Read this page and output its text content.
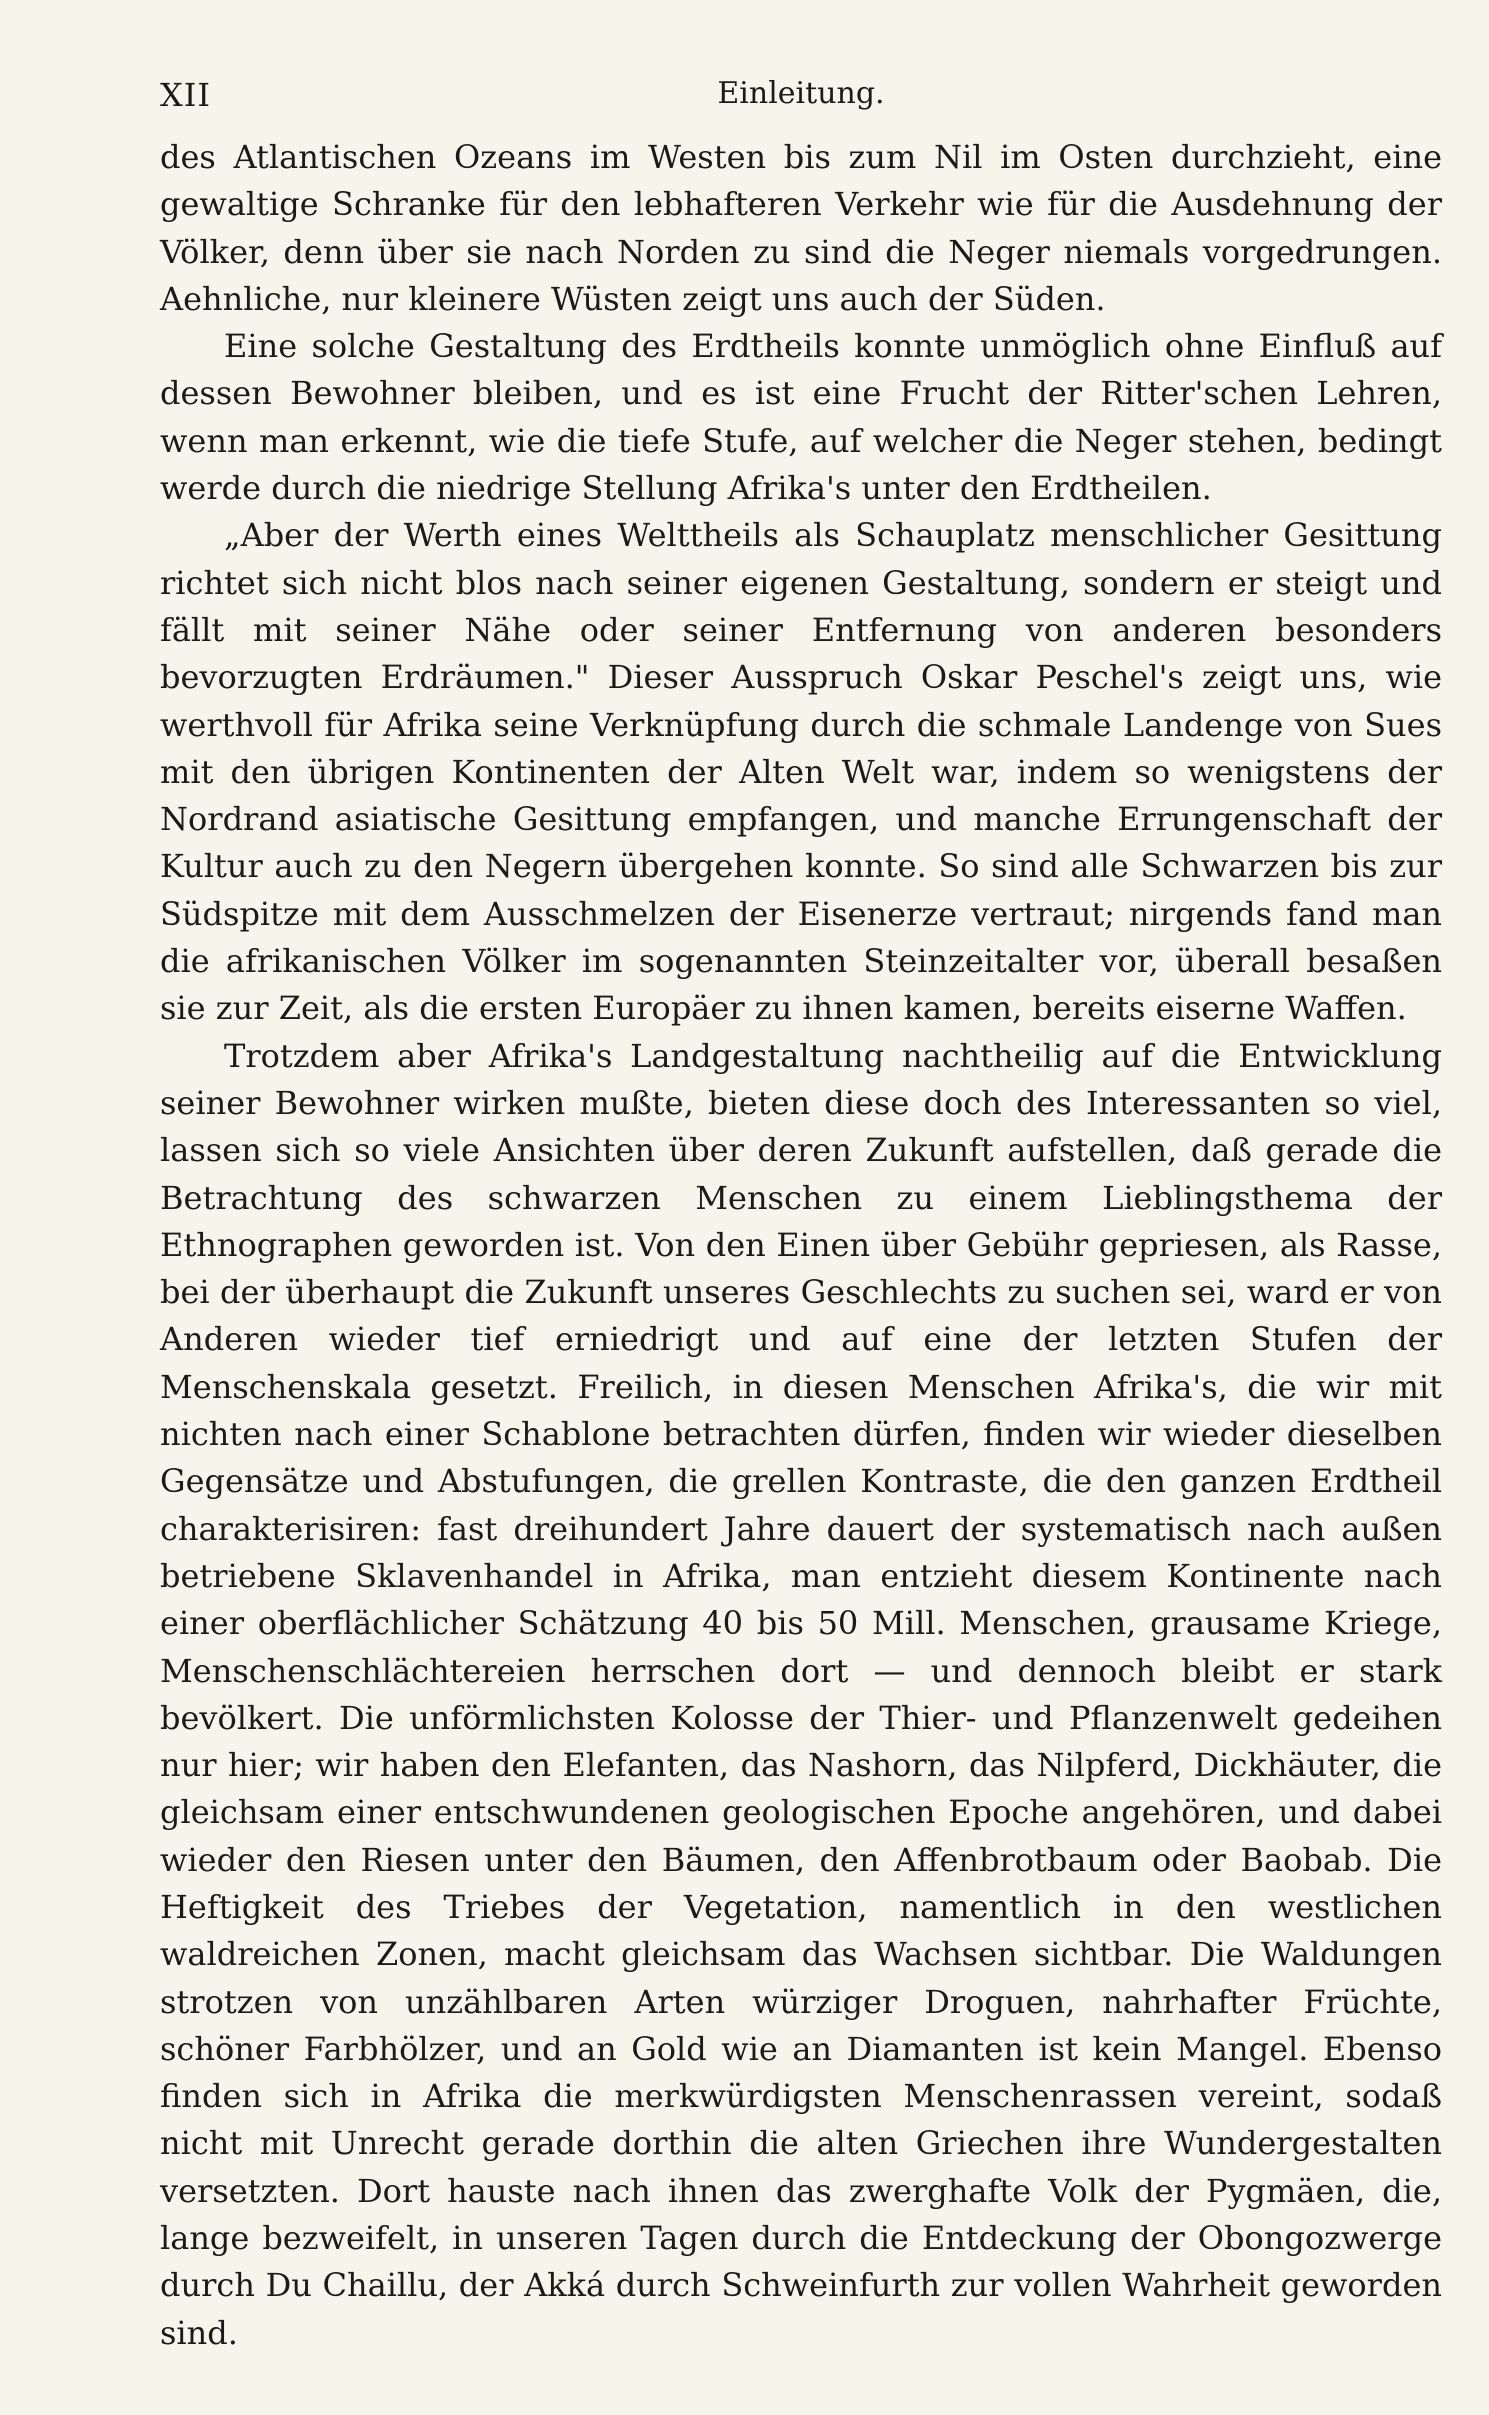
XII	Einleitung.

des Atlantischen Ozeans im Westen bis zum Nil im Osten durchzieht, eine gewaltige Schranke für den lebhafteren Verkehr wie für die Ausdehnung der Völker, denn über sie nach Norden zu sind die Neger niemals vorgedrungen. Aehnliche, nur kleinere Wüsten zeigt uns auch der Süden.

Eine solche Gestaltung des Erdtheils konnte unmöglich ohne Einfluß auf dessen Bewohner bleiben, und es ist eine Frucht der Ritter'schen Lehren, wenn man erkennt, wie die tiefe Stufe, auf welcher die Neger stehen, bedingt werde durch die niedrige Stellung Afrika's unter den Erdtheilen.

„Aber der Werth eines Welttheils als Schauplatz menschlicher Gesittung richtet sich nicht blos nach seiner eigenen Gestaltung, sondern er steigt und fällt mit seiner Nähe oder seiner Entfernung von anderen besonders bevorzugten Erdräumen." Dieser Ausspruch Oskar Peschel's zeigt uns, wie werthvoll für Afrika seine Verknüpfung durch die schmale Landenge von Sues mit den übrigen Kontinenten der Alten Welt war, indem so wenigstens der Nordrand asiatische Gesittung empfangen, und manche Errungenschaft der Kultur auch zu den Negern übergehen konnte. So sind alle Schwarzen bis zur Südspitze mit dem Ausschmelzen der Eisenerze vertraut; nirgends fand man die afrikanischen Völker im sogenannten Steinzeitalter vor, überall besaßen sie zur Zeit, als die ersten Europäer zu ihnen kamen, bereits eiserne Waffen.

Trotzdem aber Afrika's Landgestaltung nachtheilig auf die Entwicklung seiner Bewohner wirken mußte, bieten diese doch des Interessanten so viel, lassen sich so viele Ansichten über deren Zukunft aufstellen, daß gerade die Betrachtung des schwarzen Menschen zu einem Lieblingsthema der Ethnographen geworden ist. Von den Einen über Gebühr gepriesen, als Rasse, bei der überhaupt die Zukunft unseres Geschlechts zu suchen sei, ward er von Anderen wieder tief erniedrigt und auf eine der letzten Stufen der Menschenskala gesetzt. Freilich, in diesen Menschen Afrika's, die wir mit nichten nach einer Schablone betrachten dürfen, finden wir wieder dieselben Gegensätze und Abstufungen, die grellen Kontraste, die den ganzen Erdtheil charakterisiren: fast dreihundert Jahre dauert der systematisch nach außen betriebene Sklavenhandel in Afrika, man entzieht diesem Kontinente nach einer oberflächlicher Schätzung 40 bis 50 Mill. Menschen, grausame Kriege, Menschenschlächtereien herrschen dort — und dennoch bleibt er stark bevölkert. Die unförmlichsten Kolosse der Thier- und Pflanzenwelt gedeihen nur hier; wir haben den Elefanten, das Nashorn, das Nilpferd, Dickhäuter, die gleichsam einer entschwundenen geologischen Epoche angehören, und dabei wieder den Riesen unter den Bäumen, den Affenbrotbaum oder Baobab. Die Heftigkeit des Triebes der Vegetation, namentlich in den westlichen waldreichen Zonen, macht gleichsam das Wachsen sichtbar. Die Waldungen strotzen von unzählbaren Arten würziger Droguen, nahrhafter Früchte, schöner Farbhölzer, und an Gold wie an Diamanten ist kein Mangel. Ebenso finden sich in Afrika die merkwürdigsten Menschenrassen vereint, sodaß nicht mit Unrecht gerade dorthin die alten Griechen ihre Wundergestalten versetzten. Dort hauste nach ihnen das zwerghafte Volk der Pygmäen, die, lange bezweifelt, in unseren Tagen durch die Entdeckung der Obongozwerge durch Du Chaillu, der Akká durch Schweinfurth zur vollen Wahrheit geworden sind.
